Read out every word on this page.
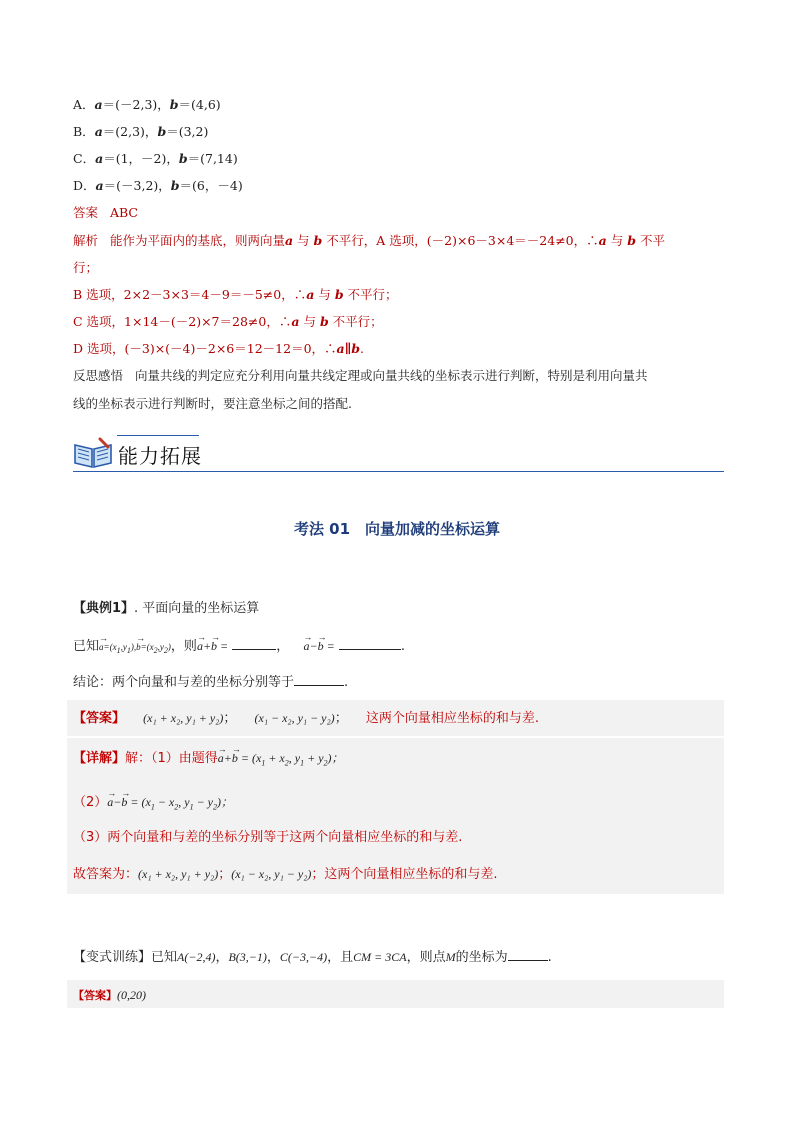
A．a＝(－2,3)，b＝(4,6)
B．a＝(2,3)，b＝(3,2)
C．a＝(1，－2)，b＝(7,14)
D．a＝(－3,2)，b＝(6，－4)
答案 ABC
解析 能作为平面内的基底，则两向量a 与 b 不平行，A 选项，(－2)×6－3×4＝－24≠0，∴a 与 b 不平
行；
B 选项，2×2－3×3＝4－9＝－5≠0，∴a 与 b 不平行；
C 选项，1×14－(－2)×7＝28≠0，∴a 与 b 不平行；
D 选项，(－3)×(－4)－2×6＝12－12＝0，∴a∥b.
反思感悟 向量共线的判定应充分利用向量共线定理或向量共线的坐标表示进行判断，特别是利用向量共
线的坐标表示进行判断时，要注意坐标之间的搭配.
能力拓展
考法 01　向量加减的坐标运算
【典例1】. 平面向量的坐标运算
已知→ $a=(x_1,y_1),\to b=(x_2,y_2)$，则→ a+→ b =	， → a−→ b =	.
结论：两个向量和与差的坐标分别等于	.
【答案】 (x₁ + x₂, y₁ + y₂)； (x₁ − x₂, y₁ − y₂)； 这两个向量相应坐标的和与差.
【详解】解：（1）由题得→ $a+\to b = (x_1 + x_2$, $y_1 + y_2$)；
$(2)\to a-\to b = (x_1 - x_2$, $y_1 - y_2$)；
（3）两个向量和与差的坐标分别等于这两个向量相应坐标的和与差.
故答案为：(x₁ + x₂, y₁ + y₂)；(x₁ − x₂, y₁ − y₂)；这两个向量相应坐标的和与差.
【变式训练】已知A(−2,4)，B(3,−1)，C(−3,−4)，且CM = 3CA，则点M的坐标为	.
【答案】(0,20)
